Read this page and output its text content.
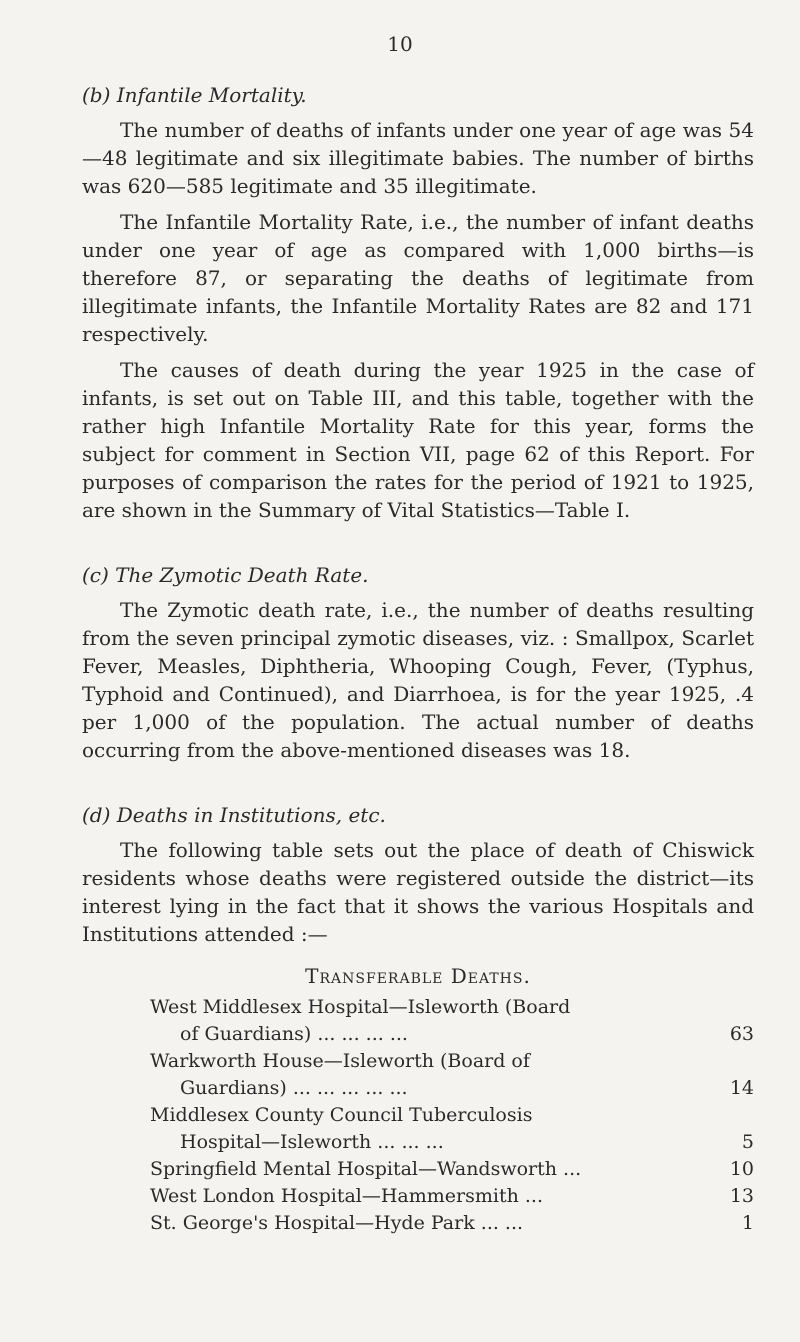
10
(b) Infantile Mortality.

The number of deaths of infants under one year of age was 54—48 legitimate and six illegitimate babies. The number of births was 620—585 legitimate and 35 illegitimate.

The Infantile Mortality Rate, i.e., the number of infant deaths under one year of age as compared with 1,000 births—is therefore 87, or separating the deaths of legitimate from illegitimate infants, the Infantile Mortality Rates are 82 and 171 respectively.

The causes of death during the year 1925 in the case of infants, is set out on Table III, and this table, together with the rather high Infantile Mortality Rate for this year, forms the subject for comment in Section VII, page 62 of this Report. For purposes of comparison the rates for the period of 1921 to 1925, are shown in the Summary of Vital Statistics—Table I.

(c) The Zymotic Death Rate.

The Zymotic death rate, i.e., the number of deaths resulting from the seven principal zymotic diseases, viz. : Smallpox, Scarlet Fever, Measles, Diphtheria, Whooping Cough, Fever, (Typhus, Typhoid and Continued), and Diarrhoea, is for the year 1925, .4 per 1,000 of the population. The actual number of deaths occurring from the above-mentioned diseases was 18.

(d) Deaths in Institutions, etc.

The following table sets out the place of death of Chiswick residents whose deaths were registered outside the district—its interest lying in the fact that it shows the various Hospitals and Institutions attended :—

Transferable Deaths.
West Middlesex Hospital—Isleworth (Board
of Guardians) ... ... ... ...	63
Warkworth House—Isleworth (Board of
Guardians) ... ... ... ... ...	14
Middlesex County Council Tuberculosis
Hospital—Isleworth ... ... ...	5
Springfield Mental Hospital—Wandsworth ...	10
West London Hospital—Hammersmith ...	13
St. George's Hospital—Hyde Park ... ...	1
